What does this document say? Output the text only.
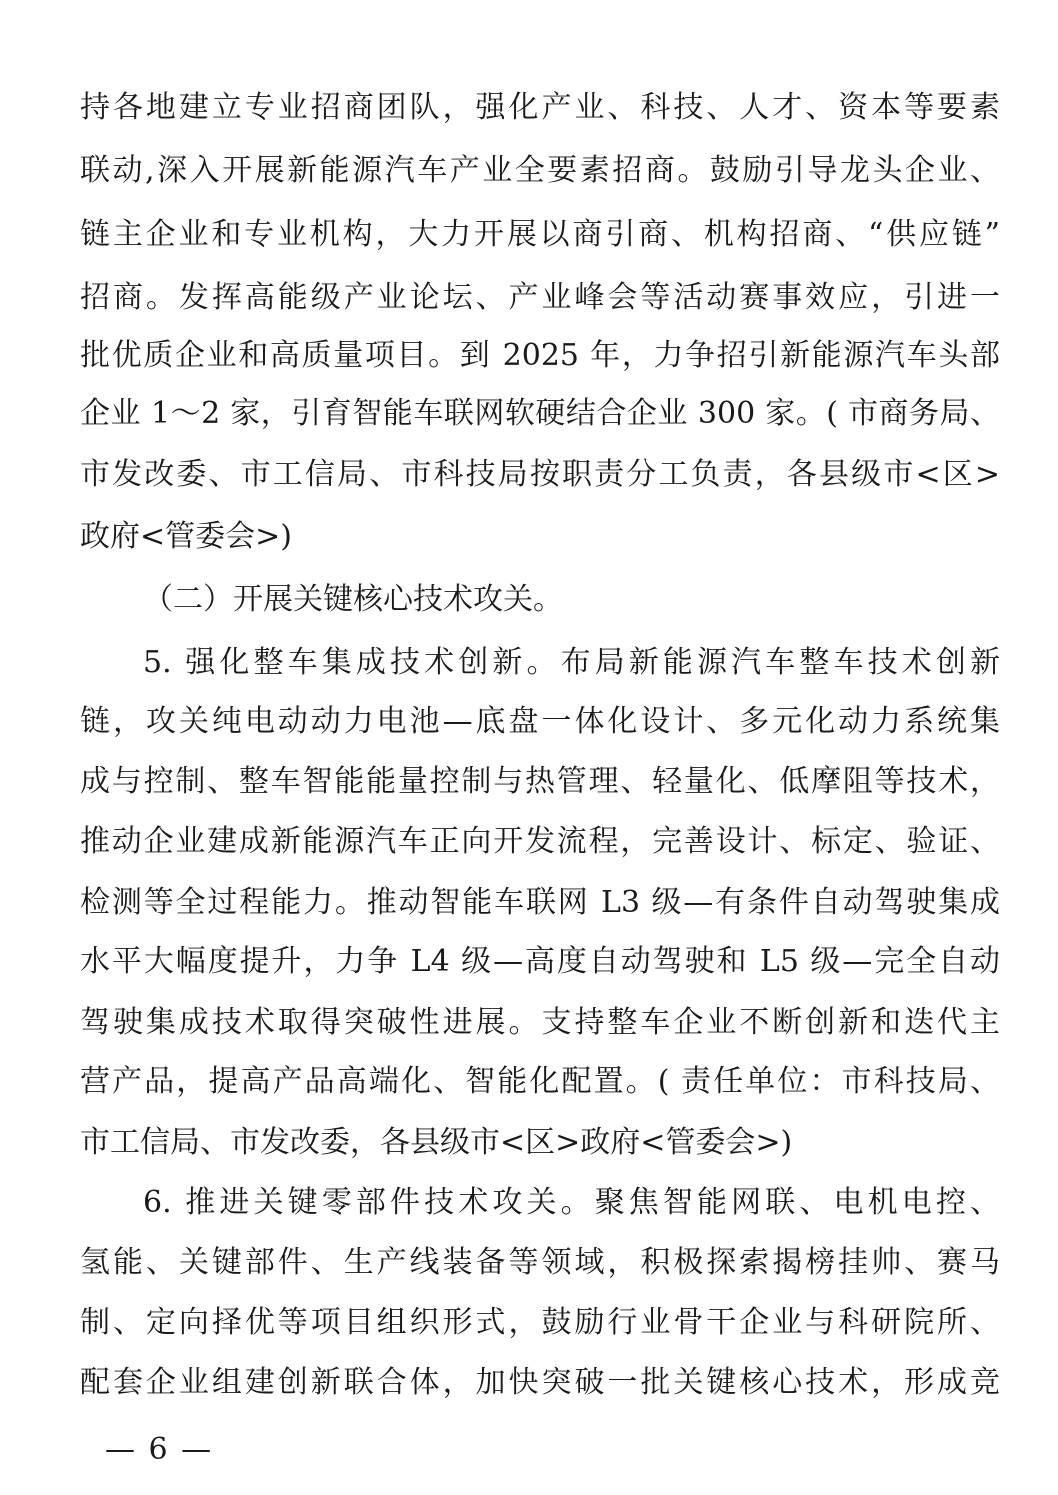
持各地建立专业招商团队，强化产业、科技、人才、资本等要素
联动,深入开展新能源汽车产业全要素招商。鼓励引导龙头企业、
链主企业和专业机构，大力开展以商引商、机构招商、“供应链”
招商。发挥高能级产业论坛、产业峰会等活动赛事效应，引进一
批优质企业和高质量项目。到 2025 年，力争招引新能源汽车头部
企业 1～2 家，引育智能车联网软硬结合企业 300 家。( 市商务局、
市发改委、市工信局、市科技局按职责分工负责，各县级市<区>
政府<管委会>)
（二）开展关键核心技术攻关。
5. 强化整车集成技术创新。布局新能源汽车整车技术创新
链，攻关纯电动动力电池—底盘一体化设计、多元化动力系统集
成与控制、整车智能能量控制与热管理、轻量化、低摩阻等技术，
推动企业建成新能源汽车正向开发流程，完善设计、标定、验证、
检测等全过程能力。推动智能车联网 L3 级—有条件自动驾驶集成
水平大幅度提升，力争 L4 级—高度自动驾驶和 L5 级—完全自动
驾驶集成技术取得突破性进展。支持整车企业不断创新和迭代主
营产品，提高产品高端化、智能化配置。( 责任单位：市科技局、
市工信局、市发改委，各县级市<区>政府<管委会>)
6. 推进关键零部件技术攻关。聚焦智能网联、电机电控、
氢能、关键部件、生产线装备等领域，积极探索揭榜挂帅、赛马
制、定向择优等项目组织形式，鼓励行业骨干企业与科研院所、
配套企业组建创新联合体，加快突破一批关键核心技术，形成竞
— 6 —
